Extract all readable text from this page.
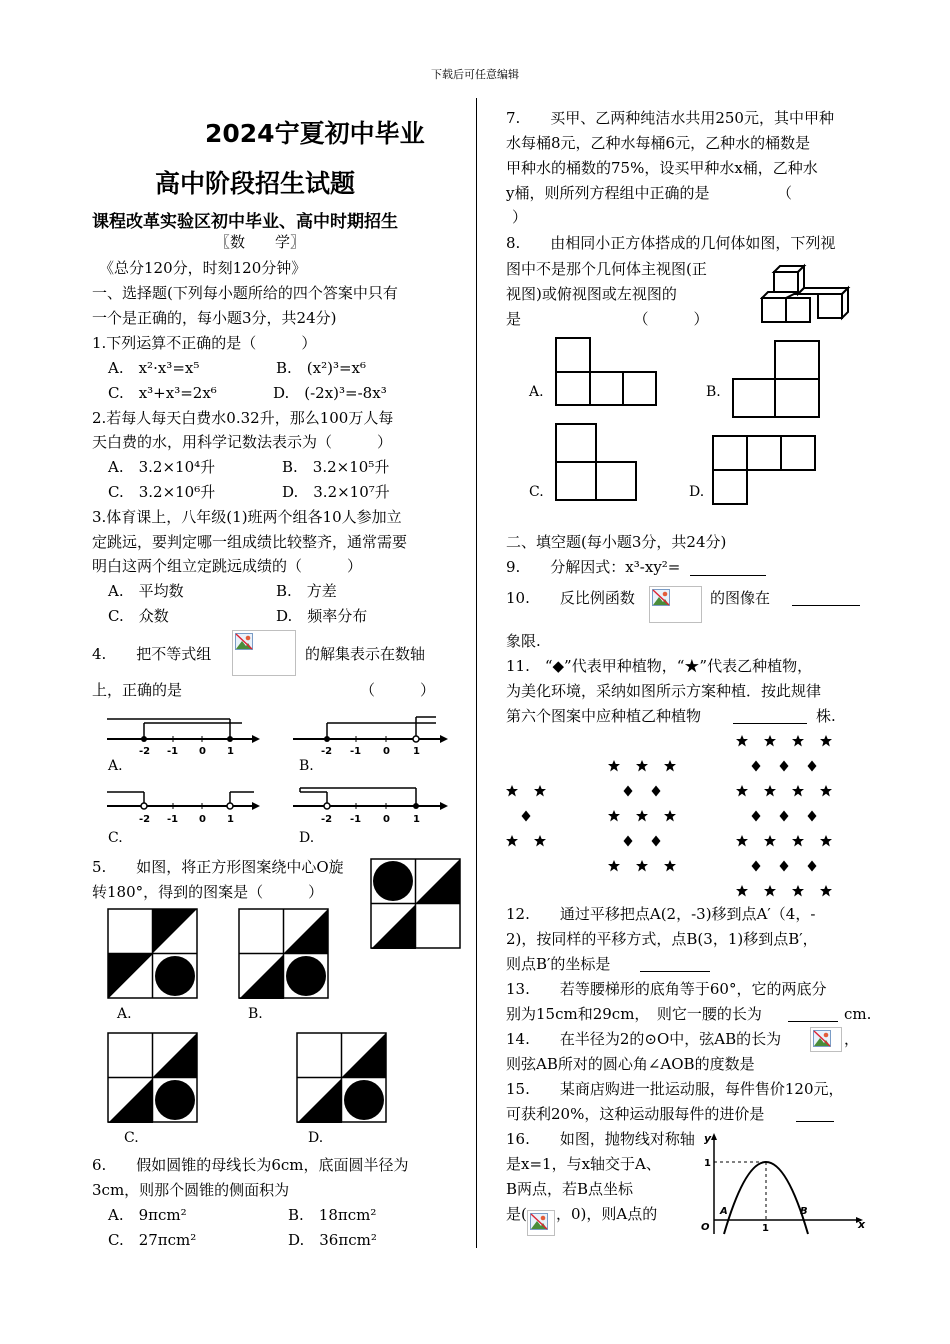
下载后可任意编辑
2024宁夏初中毕业
高中阶段招生试题
课程改革实验区初中毕业、高中时期招生
〖数　　学〗
《总分120分，时刻120分钟》
一、选择题(下列每小题所给的四个答案中只有
一个是正确的，每小题3分，共24分)
1.下列运算不正确的是（　　　）
A.　x²·x³=x⁵	B.　(x²)³=x⁶
C.　x³+x³=2x⁶	D.　(-2x)³=-8x³
2.若每人每天白费水0.32升，那么100万人每
天白费的水，用科学记数法表示为（　　　）
A.　3.2×10⁴升	B.　3.2×10⁵升
C.　3.2×10⁶升	D.　3.2×10⁷升
3.体育课上，八年级(1)班两个组各10人参加立
定跳远，要判定哪一组成绩比较整齐，通常需要
明白这两个组立定跳远成绩的（　　　）
A.　平均数	B.　方差
C.　众数	D.　频率分布
4.　　把不等式组	的解集表示在数轴
上，正确的是	（　　　）
-2 -1 0 1
A.
-2 -1 0 1
B.
-2 -1 0 1
C.
-2 -1 0 1
D.
5.　　如图，将正方形图案绕中心O旋
转180°，得到的图案是（　　　）
A.	B.
C.	D.
6.　　假如圆锥的母线长为6cm，底面圆半径为
3cm，则那个圆锥的侧面积为
A.　9πcm²	B.　18πcm²
C.　27πcm²	D.　36πcm²
7.　　买甲、乙两种纯洁水共用250元，其中甲种
水每桶8元，乙种水每桶6元，乙种水的桶数是
甲种水的桶数的75%，设买甲种水x桶，乙种水
y桶，则所列方程组中正确的是　　　　　（
）
8.　　由相同小正方体搭成的几何体如图，下列视
图中不是那个几何体主视图(正
视图)或俯视图或左视图的
是　　　　　　　　（　　　）
A.	B.
C.	D.
二、填空题(每小题3分，共24分)
9.　　分解因式：x³-xy²=
10.　　反比例函数	的图像在
象限.
11.　“◆”代表甲种植物，“★”代表乙种植物，
为美化环境，采纳如图所示方案种植．按此规律
第六个图案中应种植乙种植物	株.
12.　　通过平移把点A(2，-3)移到点A′（4，-
2)，按同样的平移方式，点B(3，1)移到点B′，
则点B′的坐标是
13.　　若等腰梯形的底角等于60°，它的两底分
别为15cm和29cm，　则它一腰的长为	cm.
14.　　在半径为2的⊙O中，弦AB的长为	，
则弦AB所对的圆心角∠AOB的度数是
15.　　某商店购进一批运动服，每件售价120元，
可获利20%，这种运动服每件的进价是
16.　　如图，抛物线对称轴
是x=1，与x轴交于A、
B两点，若B点坐标
是( ，0)，则A点的
y
x
1
1
O
A	B
